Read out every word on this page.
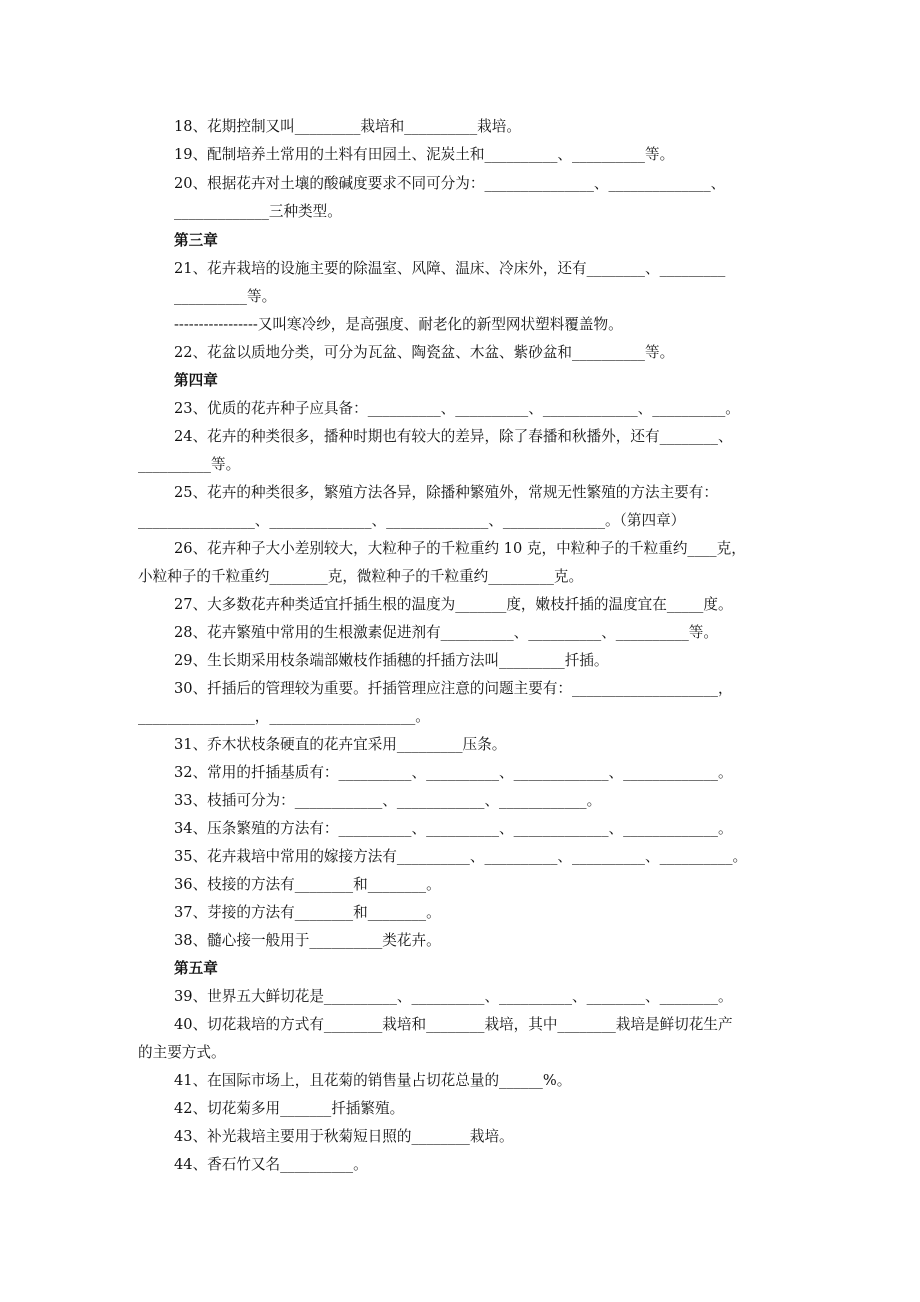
18、花期控制又叫_________栽培和__________栽培。
19、配制培养土常用的土料有田园土、泥炭土和__________、__________等。
20、根据花卉对土壤的酸碱度要求不同可分为：_______________、______________、
_____________三种类型。
第三章
21、花卉栽培的设施主要的除温室、风障、温床、冷床外，还有________、_________
__________等。
-----------------又叫寒冷纱，是高强度、耐老化的新型网状塑料覆盖物。
22、花盆以质地分类，可分为瓦盆、陶瓷盆、木盆、紫砂盆和__________等。
第四章
23、优质的花卉种子应具备：__________、__________、_____________、__________。
24、花卉的种类很多，播种时期也有较大的差异，除了春播和秋播外，还有________、
__________等。
25、花卉的种类很多，繁殖方法各异，除播种繁殖外，常规无性繁殖的方法主要有：
________________、______________、______________、______________。（第四章）
26、花卉种子大小差别较大，大粒种子的千粒重约 10 克，中粒种子的千粒重约____克，
小粒种子的千粒重约________克，微粒种子的千粒重约_________克。
27、大多数花卉种类适宜扦插生根的温度为_______度，嫩枝扦插的温度宜在_____度。
28、花卉繁殖中常用的生根激素促进剂有__________、__________、__________等。
29、生长期采用枝条端部嫩枝作插穗的扦插方法叫_________扦插。
30、扦插后的管理较为重要。扦插管理应注意的问题主要有：____________________，
________________，____________________。
31、乔木状枝条硬直的花卉宜采用_________压条。
32、常用的扦插基质有：__________、__________、_____________、_____________。
33、枝插可分为：____________、____________、____________。
34、压条繁殖的方法有：__________、__________、_____________、_____________。
35、花卉栽培中常用的嫁接方法有__________、__________、__________、__________。
36、枝接的方法有________和________。
37、芽接的方法有________和________。
38、髓心接一般用于__________类花卉。
第五章
39、世界五大鲜切花是__________、__________、__________、________、________。
40、切花栽培的方式有________栽培和________栽培，其中________栽培是鲜切花生产
的主要方式。
41、在国际市场上，且花菊的销售量占切花总量的______%。
42、切花菊多用_______扦插繁殖。
43、补光栽培主要用于秋菊短日照的________栽培。
44、香石竹又名__________。
